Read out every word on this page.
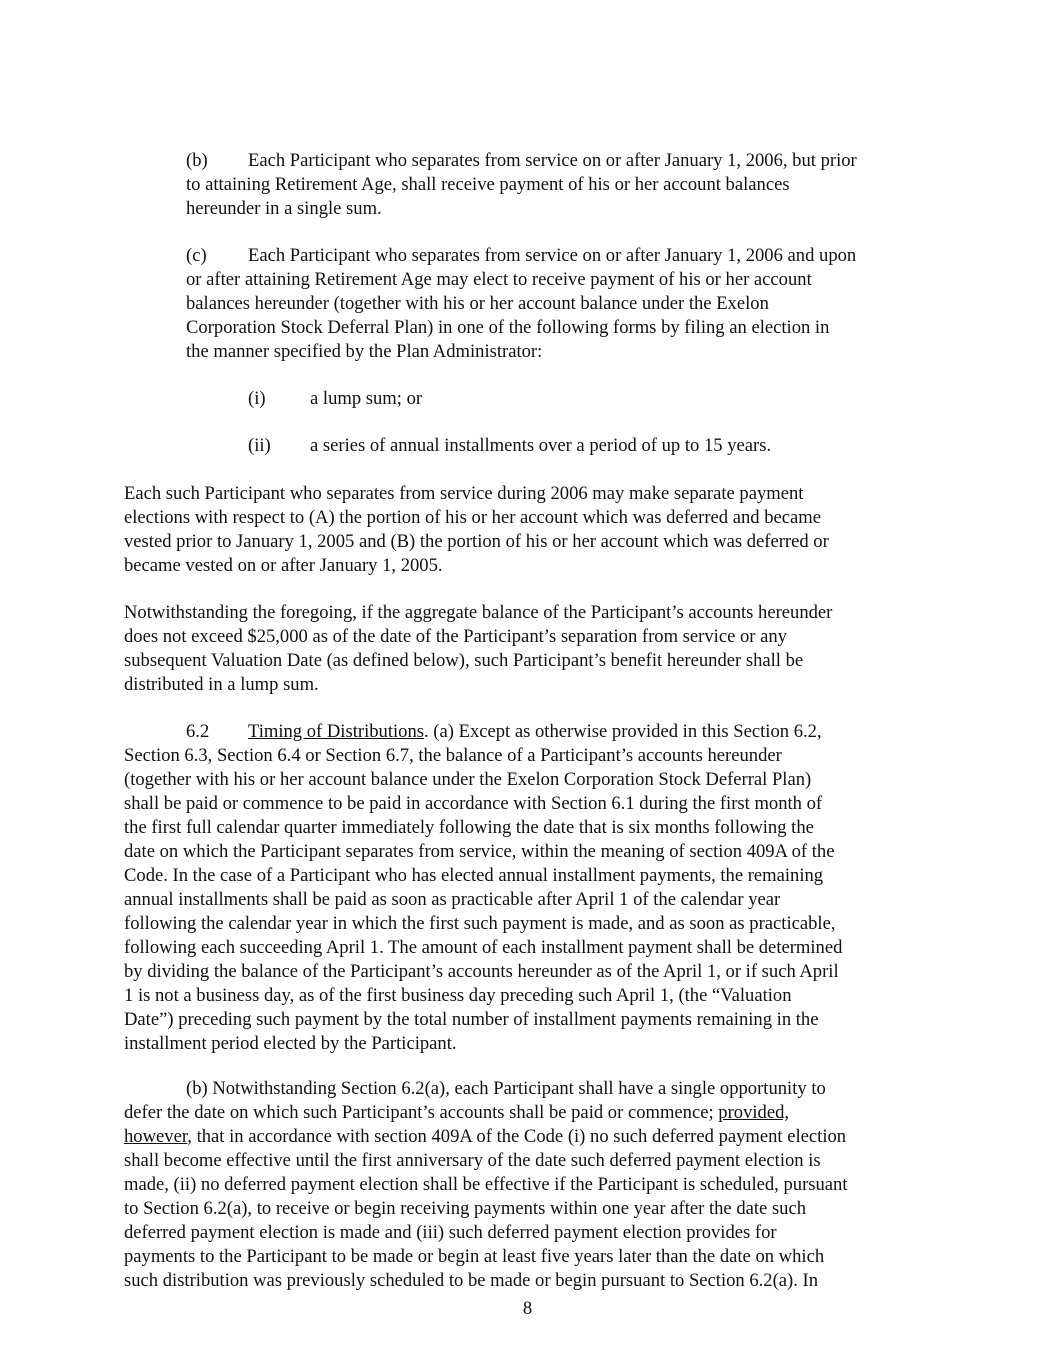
(b) Each Participant who separates from service on or after January 1, 2006, but prior
to attaining Retirement Age, shall receive payment of his or her account balances
hereunder in a single sum.
(c) Each Participant who separates from service on or after January 1, 2006 and upon
or after attaining Retirement Age may elect to receive payment of his or her account
balances hereunder (together with his or her account balance under the Exelon
Corporation Stock Deferral Plan) in one of the following forms by filing an election in
the manner specified by the Plan Administrator:
(i) a lump sum; or
(ii) a series of annual installments over a period of up to 15 years.
Each such Participant who separates from service during 2006 may make separate payment
elections with respect to (A) the portion of his or her account which was deferred and became
vested prior to January 1, 2005 and (B) the portion of his or her account which was deferred or
became vested on or after January 1, 2005.
Notwithstanding the foregoing, if the aggregate balance of the Participant’s accounts hereunder
does not exceed $25,000 as of the date of the Participant’s separation from service or any
subsequent Valuation Date (as defined below), such Participant’s benefit hereunder shall be
distributed in a lump sum.
6.2 Timing of Distributions. (a) Except as otherwise provided in this Section 6.2,
Section 6.3, Section 6.4 or Section 6.7, the balance of a Participant’s accounts hereunder
(together with his or her account balance under the Exelon Corporation Stock Deferral Plan)
shall be paid or commence to be paid in accordance with Section 6.1 during the first month of
the first full calendar quarter immediately following the date that is six months following the
date on which the Participant separates from service, within the meaning of section 409A of the
Code. In the case of a Participant who has elected annual installment payments, the remaining
annual installments shall be paid as soon as practicable after April 1 of the calendar year
following the calendar year in which the first such payment is made, and as soon as practicable,
following each succeeding April 1. The amount of each installment payment shall be determined
by dividing the balance of the Participant’s accounts hereunder as of the April 1, or if such April
1 is not a business day, as of the first business day preceding such April 1, (the “Valuation
Date”) preceding such payment by the total number of installment payments remaining in the
installment period elected by the Participant.
(b) Notwithstanding Section 6.2(a), each Participant shall have a single opportunity to
defer the date on which such Participant’s accounts shall be paid or commence; provided,
however, that in accordance with section 409A of the Code (i) no such deferred payment election
shall become effective until the first anniversary of the date such deferred payment election is
made, (ii) no deferred payment election shall be effective if the Participant is scheduled, pursuant
to Section 6.2(a), to receive or begin receiving payments within one year after the date such
deferred payment election is made and (iii) such deferred payment election provides for
payments to the Participant to be made or begin at least five years later than the date on which
such distribution was previously scheduled to be made or begin pursuant to Section 6.2(a). In
8
